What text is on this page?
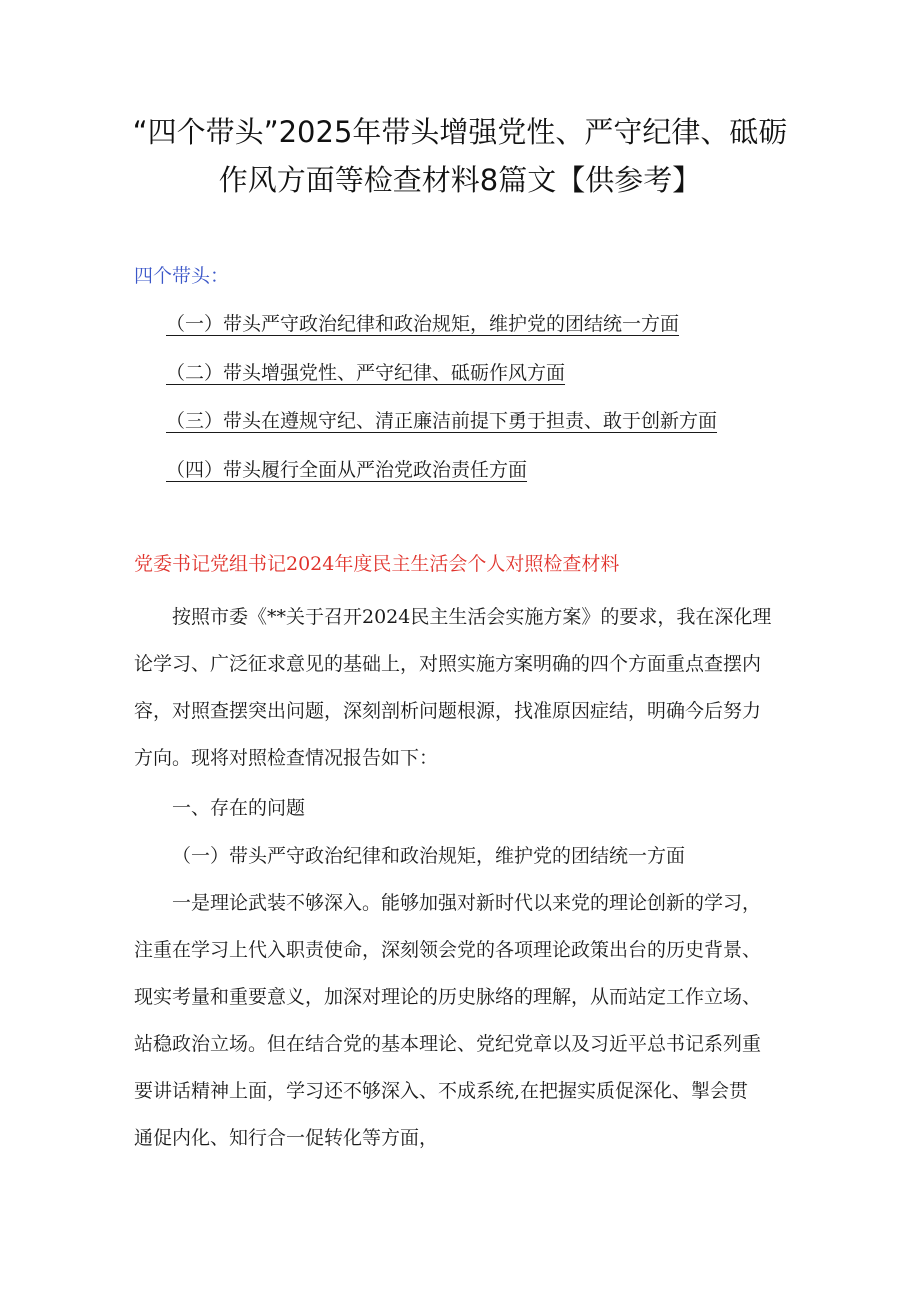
“四个带头”2025年带头增强党性、严守纪律、砥砺
作风方面等检查材料8篇文【供参考】
四个带头：
（一）带头严守政治纪律和政治规矩，维护党的团结统一方面
（二）带头增强党性、严守纪律、砥砺作风方面
（三）带头在遵规守纪、清正廉洁前提下勇于担责、敢于创新方面
（四）带头履行全面从严治党政治责任方面
党委书记党组书记2024年度民主生活会个人对照检查材料
按照市委《**关于召开2024民主生活会实施方案》的要求，我在深化理
论学习、广泛征求意见的基础上，对照实施方案明确的四个方面重点查摆内
容，对照查摆突出问题，深刻剖析问题根源，找准原因症结，明确今后努力
方向。现将对照检查情况报告如下：
一、存在的问题
（一）带头严守政治纪律和政治规矩，维护党的团结统一方面
一是理论武装不够深入。能够加强对新时代以来党的理论创新的学习，
注重在学习上代入职责使命，深刻领会党的各项理论政策出台的历史背景、
现实考量和重要意义，加深对理论的历史脉络的理解，从而站定工作立场、
站稳政治立场。但在结合党的基本理论、党纪党章以及习近平总书记系列重
要讲话精神上面，学习还不够深入、不成系统,在把握实质促深化、掣会贯
通促内化、知行合一促转化等方面，
